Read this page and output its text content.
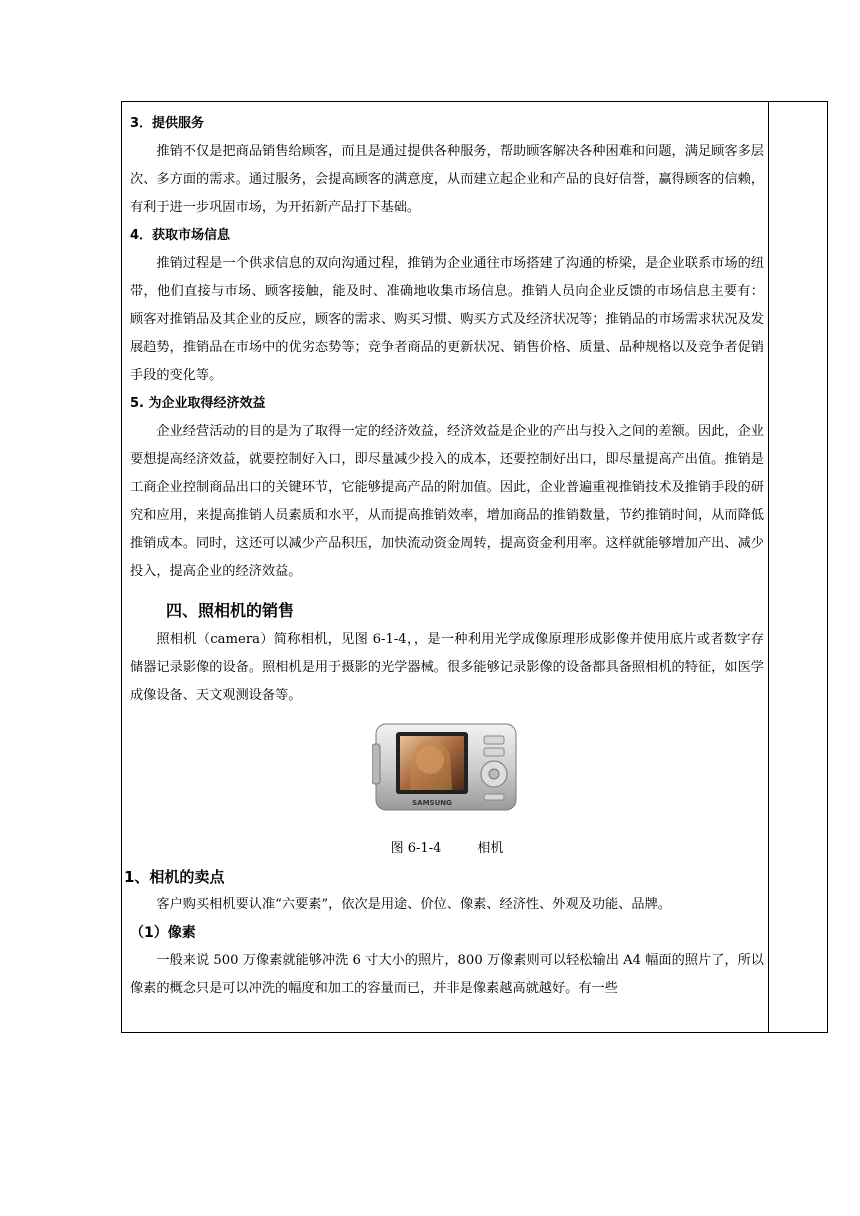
3．提供服务

推销不仅是把商品销售给顾客，而且是通过提供各种服务，帮助顾客解决各种困难和问题，满足顾客多层次、多方面的需求。通过服务，会提高顾客的满意度，从而建立起企业和产品的良好信誉，赢得顾客的信赖，有利于进一步巩固市场，为开拓新产品打下基础。

4．获取市场信息

推销过程是一个供求信息的双向沟通过程，推销为企业通往市场搭建了沟通的桥梁，是企业联系市场的纽带，他们直接与市场、顾客接触，能及时、准确地收集市场信息。推销人员向企业反馈的市场信息主要有： 顾客对推销品及其企业的反应，顾客的需求、购买习惯、购买方式及经济状况等；推销品的市场需求状况及发展趋势，推销品在市场中的优劣态势等；竞争者商品的更新状况、销售价格、质量、品种规格以及竞争者促销手段的变化等。

5. 为企业取得经济效益

企业经营活动的目的是为了取得一定的经济效益，经济效益是企业的产出与投入之间的差额。因此，企业要想提高经济效益，就要控制好入口，即尽量减少投入的成本，还要控制好出口，即尽量提高产出值。推销是工商企业控制商品出口的关键环节，它能够提高产品的附加值。因此，企业普遍重视推销技术及推销手段的研究和应用，来提高推销人员素质和水平，从而提高推销效率，增加商品的推销数量，节约推销时间，从而降低推销成本。同时，这还可以减少产品积压，加快流动资金周转，提高资金利用率。这样就能够增加产出、减少投入，提高企业的经济效益。

四、照相机的销售

照相机（camera）简称相机，见图 6-1-4，，是一种利用光学成像原理形成影像并使用底片或者数字存储器记录影像的设备。照相机是用于摄影的光学器械。很多能够记录影像的设备都具备照相机的特征，如医学成像设备、天文观测设备等。

SAMSUNG
图 6-1-4	相机
1、相机的卖点

客户购买相机要认准“六要素”，依次是用途、价位、像素、经济性、外观及功能、品牌。

（1）像素

一般来说 500 万像素就能够冲洗 6 寸大小的照片，800 万像素则可以轻松输出 A4 幅面的照片了，所以像素的概念只是可以冲洗的幅度和加工的容量而已，并非是像素越高就越好。有一些
